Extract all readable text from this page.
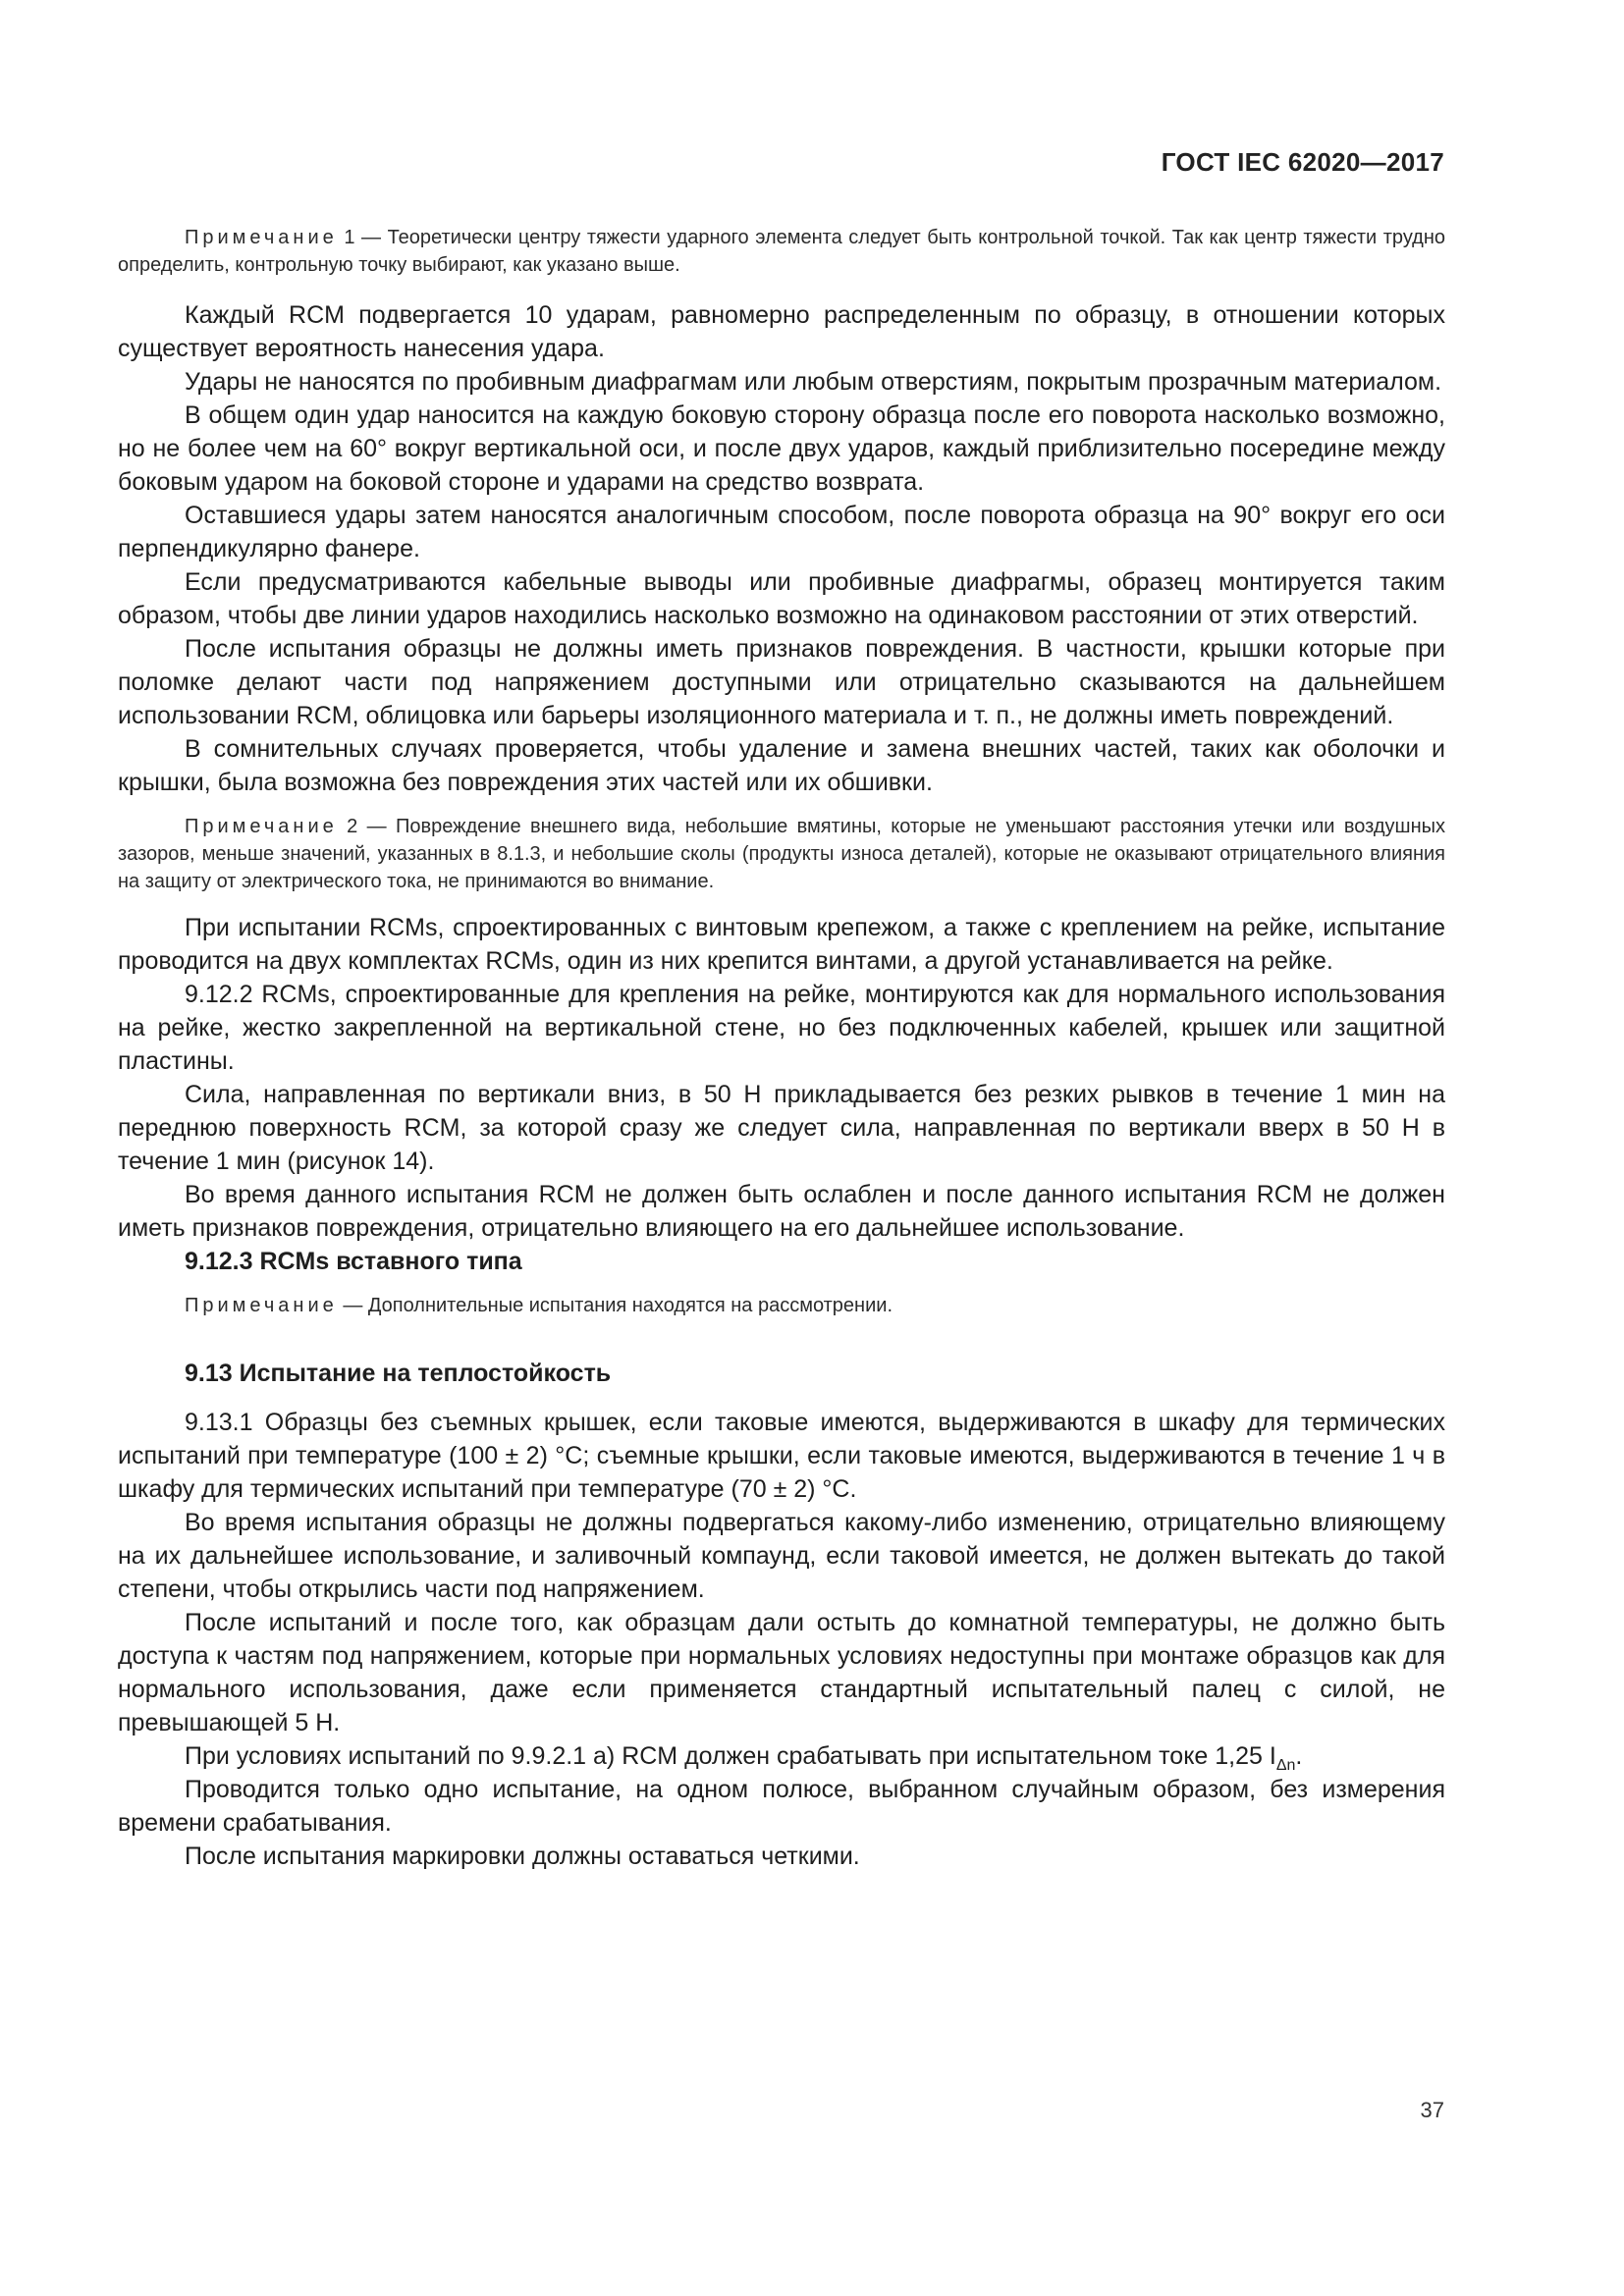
ГОСТ IEC 62020—2017

Примечание 1 — Теоретически центру тяжести ударного элемента следует быть контрольной точкой. Так как центр тяжести трудно определить, контрольную точку выбирают, как указано выше.

Каждый RCM подвергается 10 ударам, равномерно распределенным по образцу, в отношении которых существует вероятность нанесения удара.

Удары не наносятся по пробивным диафрагмам или любым отверстиям, покрытым прозрачным материалом.

В общем один удар наносится на каждую боковую сторону образца после его поворота насколько возможно, но не более чем на 60° вокруг вертикальной оси, и после двух ударов, каждый приблизительно посередине между боковым ударом на боковой стороне и ударами на средство возврата.

Оставшиеся удары затем наносятся аналогичным способом, после поворота образца на 90° вокруг его оси перпендикулярно фанере.

Если предусматриваются кабельные выводы или пробивные диафрагмы, образец монтируется таким образом, чтобы две линии ударов находились насколько возможно на одинаковом расстоянии от этих отверстий.

После испытания образцы не должны иметь признаков повреждения. В частности, крышки которые при поломке делают части под напряжением доступными или отрицательно сказываются на дальнейшем использовании RCM, облицовка или барьеры изоляционного материала и т. п., не должны иметь повреждений.

В сомнительных случаях проверяется, чтобы удаление и замена внешних частей, таких как оболочки и крышки, была возможна без повреждения этих частей или их обшивки.

Примечание 2 — Повреждение внешнего вида, небольшие вмятины, которые не уменьшают расстояния утечки или воздушных зазоров, меньше значений, указанных в 8.1.3, и небольшие сколы (продукты износа деталей), которые не оказывают отрицательного влияния на защиту от электрического тока, не принимаются во внимание.

При испытании RCMs, спроектированных с винтовым крепежом, а также с креплением на рейке, испытание проводится на двух комплектах RCMs, один из них крепится винтами, а другой устанавливается на рейке.

9.12.2 RCMs, спроектированные для крепления на рейке, монтируются как для нормального использования на рейке, жестко закрепленной на вертикальной стене, но без подключенных кабелей, крышек или защитной пластины.

Сила, направленная по вертикали вниз, в 50 Н прикладывается без резких рывков в течение 1 мин на переднюю поверхность RCM, за которой сразу же следует сила, направленная по вертикали вверх в 50 Н в течение 1 мин (рисунок 14).

Во время данного испытания RCM не должен быть ослаблен и после данного испытания RCM не должен иметь признаков повреждения, отрицательно влияющего на его дальнейшее использование.

9.12.3 RCMs вставного типа

Примечание — Дополнительные испытания находятся на рассмотрении.

9.13 Испытание на теплостойкость

9.13.1 Образцы без съемных крышек, если таковые имеются, выдерживаются в шкафу для термических испытаний при температуре (100 ± 2) °С; съемные крышки, если таковые имеются, выдерживаются в течение 1 ч в шкафу для термических испытаний при температуре (70 ± 2) °С.

Во время испытания образцы не должны подвергаться какому-либо изменению, отрицательно влияющему на их дальнейшее использование, и заливочный компаунд, если таковой имеется, не должен вытекать до такой степени, чтобы открылись части под напряжением.

После испытаний и после того, как образцам дали остыть до комнатной температуры, не должно быть доступа к частям под напряжением, которые при нормальных условиях недоступны при монтаже образцов как для нормального использования, даже если применяется стандартный испытательный палец с силой, не превышающей 5 Н.

При условиях испытаний по 9.9.2.1 а) RCM должен срабатывать при испытательном токе 1,25 $I_{\Delta n}$.

Проводится только одно испытание, на одном полюсе, выбранном случайным образом, без измерения времени срабатывания.

После испытания маркировки должны оставаться четкими.

37
